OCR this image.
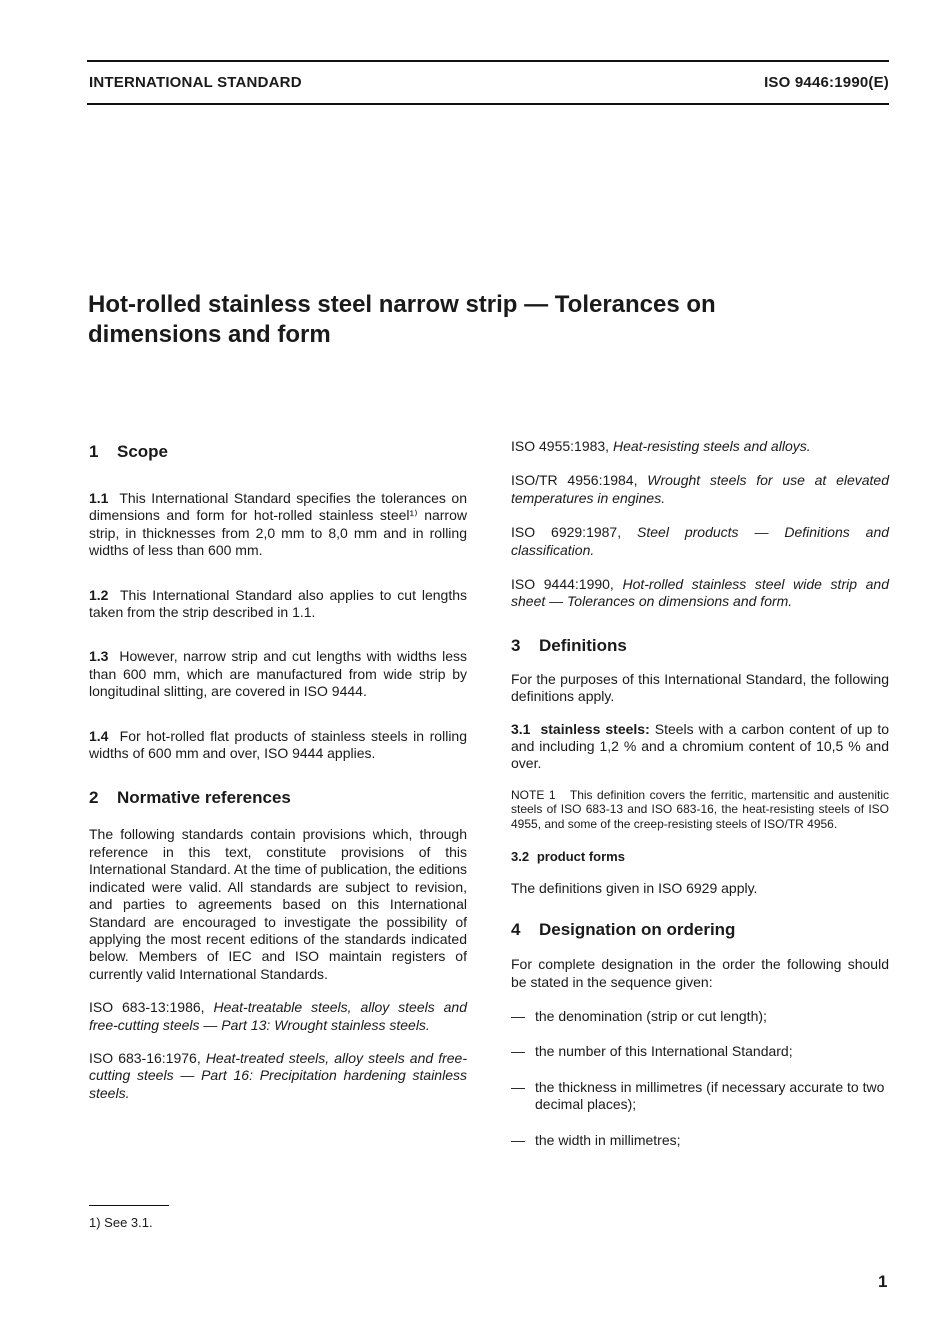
INTERNATIONAL STANDARD	ISO 9446:1990(E)
Hot-rolled stainless steel narrow strip — Tolerances on dimensions and form
1 Scope

1.1 This International Standard specifies the tolerances on dimensions and form for hot-rolled stainless steel¹⁾ narrow strip, in thicknesses from 2,0 mm to 8,0 mm and in rolling widths of less than 600 mm.

1.2 This International Standard also applies to cut lengths taken from the strip described in 1.1.

1.3 However, narrow strip and cut lengths with widths less than 600 mm, which are manufactured from wide strip by longitudinal slitting, are covered in ISO 9444.

1.4 For hot-rolled flat products of stainless steels in rolling widths of 600 mm and over, ISO 9444 applies.

2 Normative references

The following standards contain provisions which, through reference in this text, constitute provisions of this International Standard. At the time of publication, the editions indicated were valid. All standards are subject to revision, and parties to agreements based on this International Standard are encouraged to investigate the possibility of applying the most recent editions of the standards indicated below. Members of IEC and ISO maintain registers of currently valid International Standards.

ISO 683-13:1986, Heat-treatable steels, alloy steels and free-cutting steels — Part 13: Wrought stainless steels.

ISO 683-16:1976, Heat-treated steels, alloy steels and free-cutting steels — Part 16: Precipitation hardening stainless steels.

ISO 4955:1983, Heat-resisting steels and alloys.

ISO/TR 4956:1984, Wrought steels for use at elevated temperatures in engines.

ISO 6929:1987, Steel products — Definitions and classification.

ISO 9444:1990, Hot-rolled stainless steel wide strip and sheet — Tolerances on dimensions and form.

3 Definitions

For the purposes of this International Standard, the following definitions apply.

3.1 stainless steels: Steels with a carbon content of up to and including 1,2 % and a chromium content of 10,5 % and over.

NOTE 1 This definition covers the ferritic, martensitic and austenitic steels of ISO 683-13 and ISO 683-16, the heat-resisting steels of ISO 4955, and some of the creep-resisting steels of ISO/TR 4956.

3.2 product forms

The definitions given in ISO 6929 apply.

4 Designation on ordering

For complete designation in the order the following should be stated in the sequence given:

— the denomination (strip or cut length);
— the number of this International Standard;
— the thickness in millimetres (if necessary accurate to two decimal places);
— the width in millimetres;
1) See 3.1.
1
